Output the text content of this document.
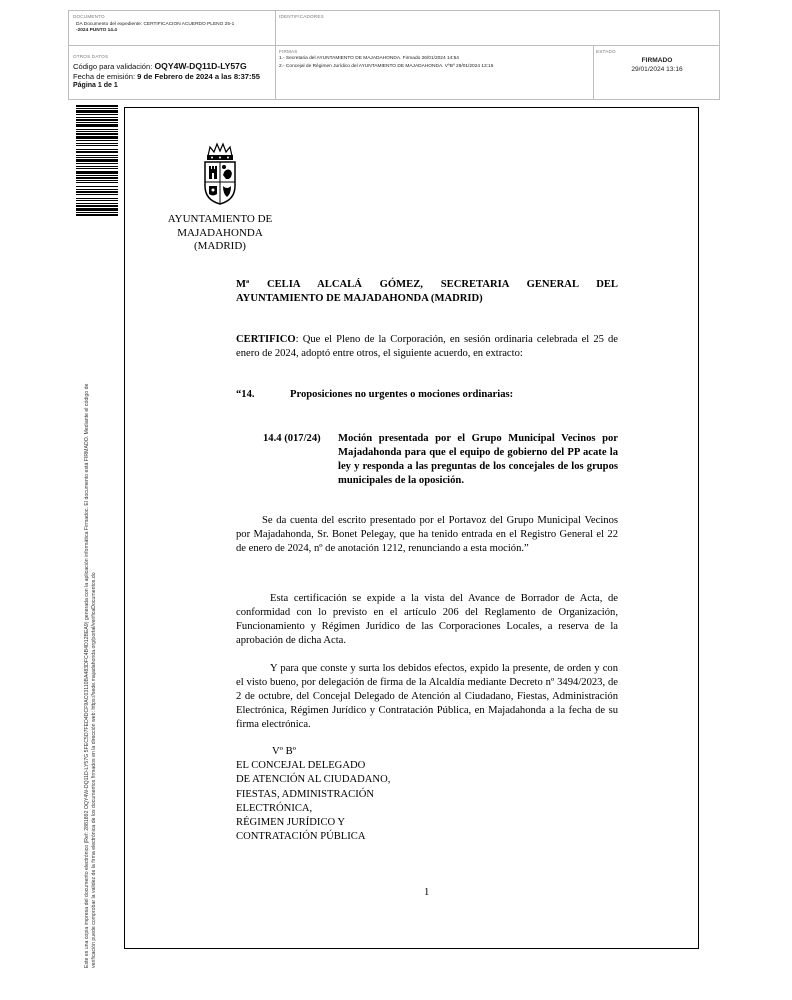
DOCUMENTO
DA Documento del expediente: CERTIFICACION ACUERDO PLENO 25-1
-2024 PUNTO 14.4
IDENTIFICADORES
OTROS DATOS
Código para validación: OQY4W-DQ11D-LY57G
Fecha de emisión: 9 de Febrero de 2024 a las 8:37:55
Página 1 de 1
FIRMAS
1.- Secretaria del AYUNTAMIENTO DE MAJADAHONDA. Firmado 26/01/2024 14:54
2.- Concejal de Régimen Jurídico del AYUNTAMIENTO DE MAJADAHONDA. VºBº 29/01/2024 13:16
ESTADO
FIRMADO
29/01/2024 13:16
Este es una copia impresa del documento electrónico (Ref: 2881892 OQY4W-DQ11D-LY57G 5FEC5D7FED4DCF9AC03110BA483DFC4B4D12BEA9) generada con la aplicación informática Firmadoc. El documento está FIRMADO. Mediante el código de verificación puede comprobar la validez de la firma electrónica de los documentos firmados en la dirección web: https://sede.majadahonda.org/portal/verificaDocumentos.do
AYUNTAMIENTO DE
MAJADAHONDA
(MADRID)
Mª CELIA ALCALÁ GÓMEZ, SECRETARIA GENERAL DEL
AYUNTAMIENTO DE MAJADAHONDA (MADRID)
CERTIFICO: Que el Pleno de la Corporación, en sesión ordinaria celebrada el 25 de enero de 2024, adoptó entre otros, el siguiente acuerdo, en extracto:
“14.	Proposiciones no urgentes o mociones ordinarias:
14.4 (017/24) Moción presentada por el Grupo Municipal Vecinos por Majadahonda para que el equipo de gobierno del PP acate la ley y responda a las preguntas de los concejales de los grupos municipales de la oposición.
Se da cuenta del escrito presentado por el Portavoz del Grupo Municipal Vecinos por Majadahonda, Sr. Bonet Pelegay, que ha tenido entrada en el Registro General el 22 de enero de 2024, nº de anotación 1212, renunciando a esta moción.”
Esta certificación se expide a la vista del Avance de Borrador de Acta, de conformidad con lo previsto en el artículo 206 del Reglamento de Organización, Funcionamiento y Régimen Jurídico de las Corporaciones Locales, a reserva de la aprobación de dicha Acta.
Y para que conste y surta los debidos efectos, expido la presente, de orden y con el visto bueno, por delegación de firma de la Alcaldía mediante Decreto nº 3494/2023, de 2 de octubre, del Concejal Delegado de Atención al Ciudadano, Fiestas, Administración Electrónica, Régimen Jurídico y Contratación Pública, en Majadahonda a la fecha de su firma electrónica.
Vº Bº
EL CONCEJAL DELEGADO
DE ATENCIÓN AL CIUDADANO,
FIESTAS, ADMINISTRACIÓN
ELECTRÓNICA,
RÉGIMEN JURÍDICO Y
CONTRATACIÓN PÚBLICA
1
